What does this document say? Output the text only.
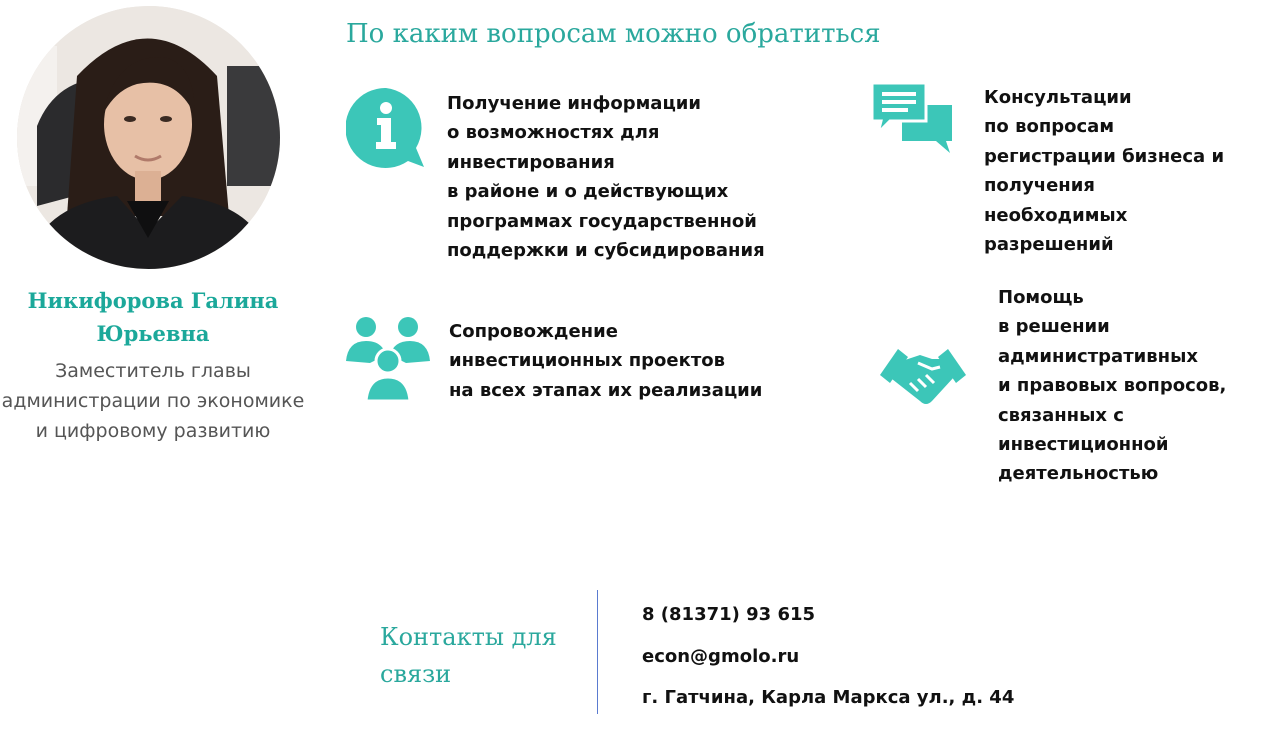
Никифорова Галина
Юрьевна
Заместитель главы администрации по экономике и цифровому развитию
По каким вопросам можно обратиться
Получение информации
о возможностях для
инвестирования
в районе и о действующих
программах государственной
поддержки и субсидирования
Консультации
по вопросам
регистрации бизнеса и
получения
необходимых
разрешений
Сопровождение
инвестиционных проектов
на всех этапах их реализации
Помощь
в решении
административных
и правовых вопросов,
связанных с
инвестиционной
деятельностью
Контакты для
связи
8 (81371) 93 615
econ@gmolo.ru
г. Гатчина, Карла Маркса ул., д. 44
